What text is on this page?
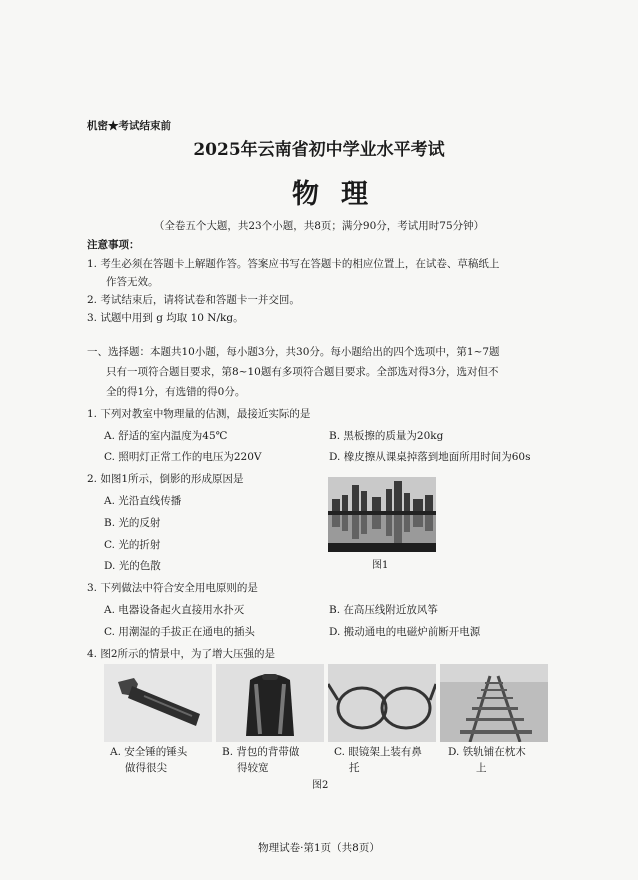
机密★考试结束前
2025年云南省初中学业水平考试
物理
（全卷五个大题，共23个小题，共8页；满分90分，考试用时75分钟）
注意事项：
1. 考生必须在答题卡上解题作答。答案应书写在答题卡的相应位置上，在试卷、草稿纸上
作答无效。
2. 考试结束后，请将试卷和答题卡一并交回。
3. 试题中用到 g 均取 10 N/kg。
一、选择题：本题共10小题，每小题3分，共30分。每小题给出的四个选项中，第1~7题
只有一项符合题目要求，第8~10题有多项符合题目要求。全部选对得3分，选对但不
全的得1分，有选错的得0分。
1. 下列对教室中物理量的估测，最接近实际的是
A. 舒适的室内温度为45℃	B. 黑板擦的质量为20kg
C. 照明灯正常工作的电压为220V	D. 橡皮擦从课桌掉落到地面所用时间为60s
2. 如图1所示，倒影的形成原因是
A. 光沿直线传播
B. 光的反射
C. 光的折射
D. 光的色散	图1
3. 下列做法中符合安全用电原则的是
A. 电器设备起火直接用水扑灭	B. 在高压线附近放风筝
C. 用潮湿的手拔正在通电的插头	D. 搬动通电的电磁炉前断开电源
4. 图2所示的情景中，为了增大压强的是
A. 安全锤的锤头
做得很尖
B. 背包的背带做
得较宽
C. 眼镜架上装有鼻
托
D. 铁轨铺在枕木
上
图2
物理试卷·第1页（共8页）
